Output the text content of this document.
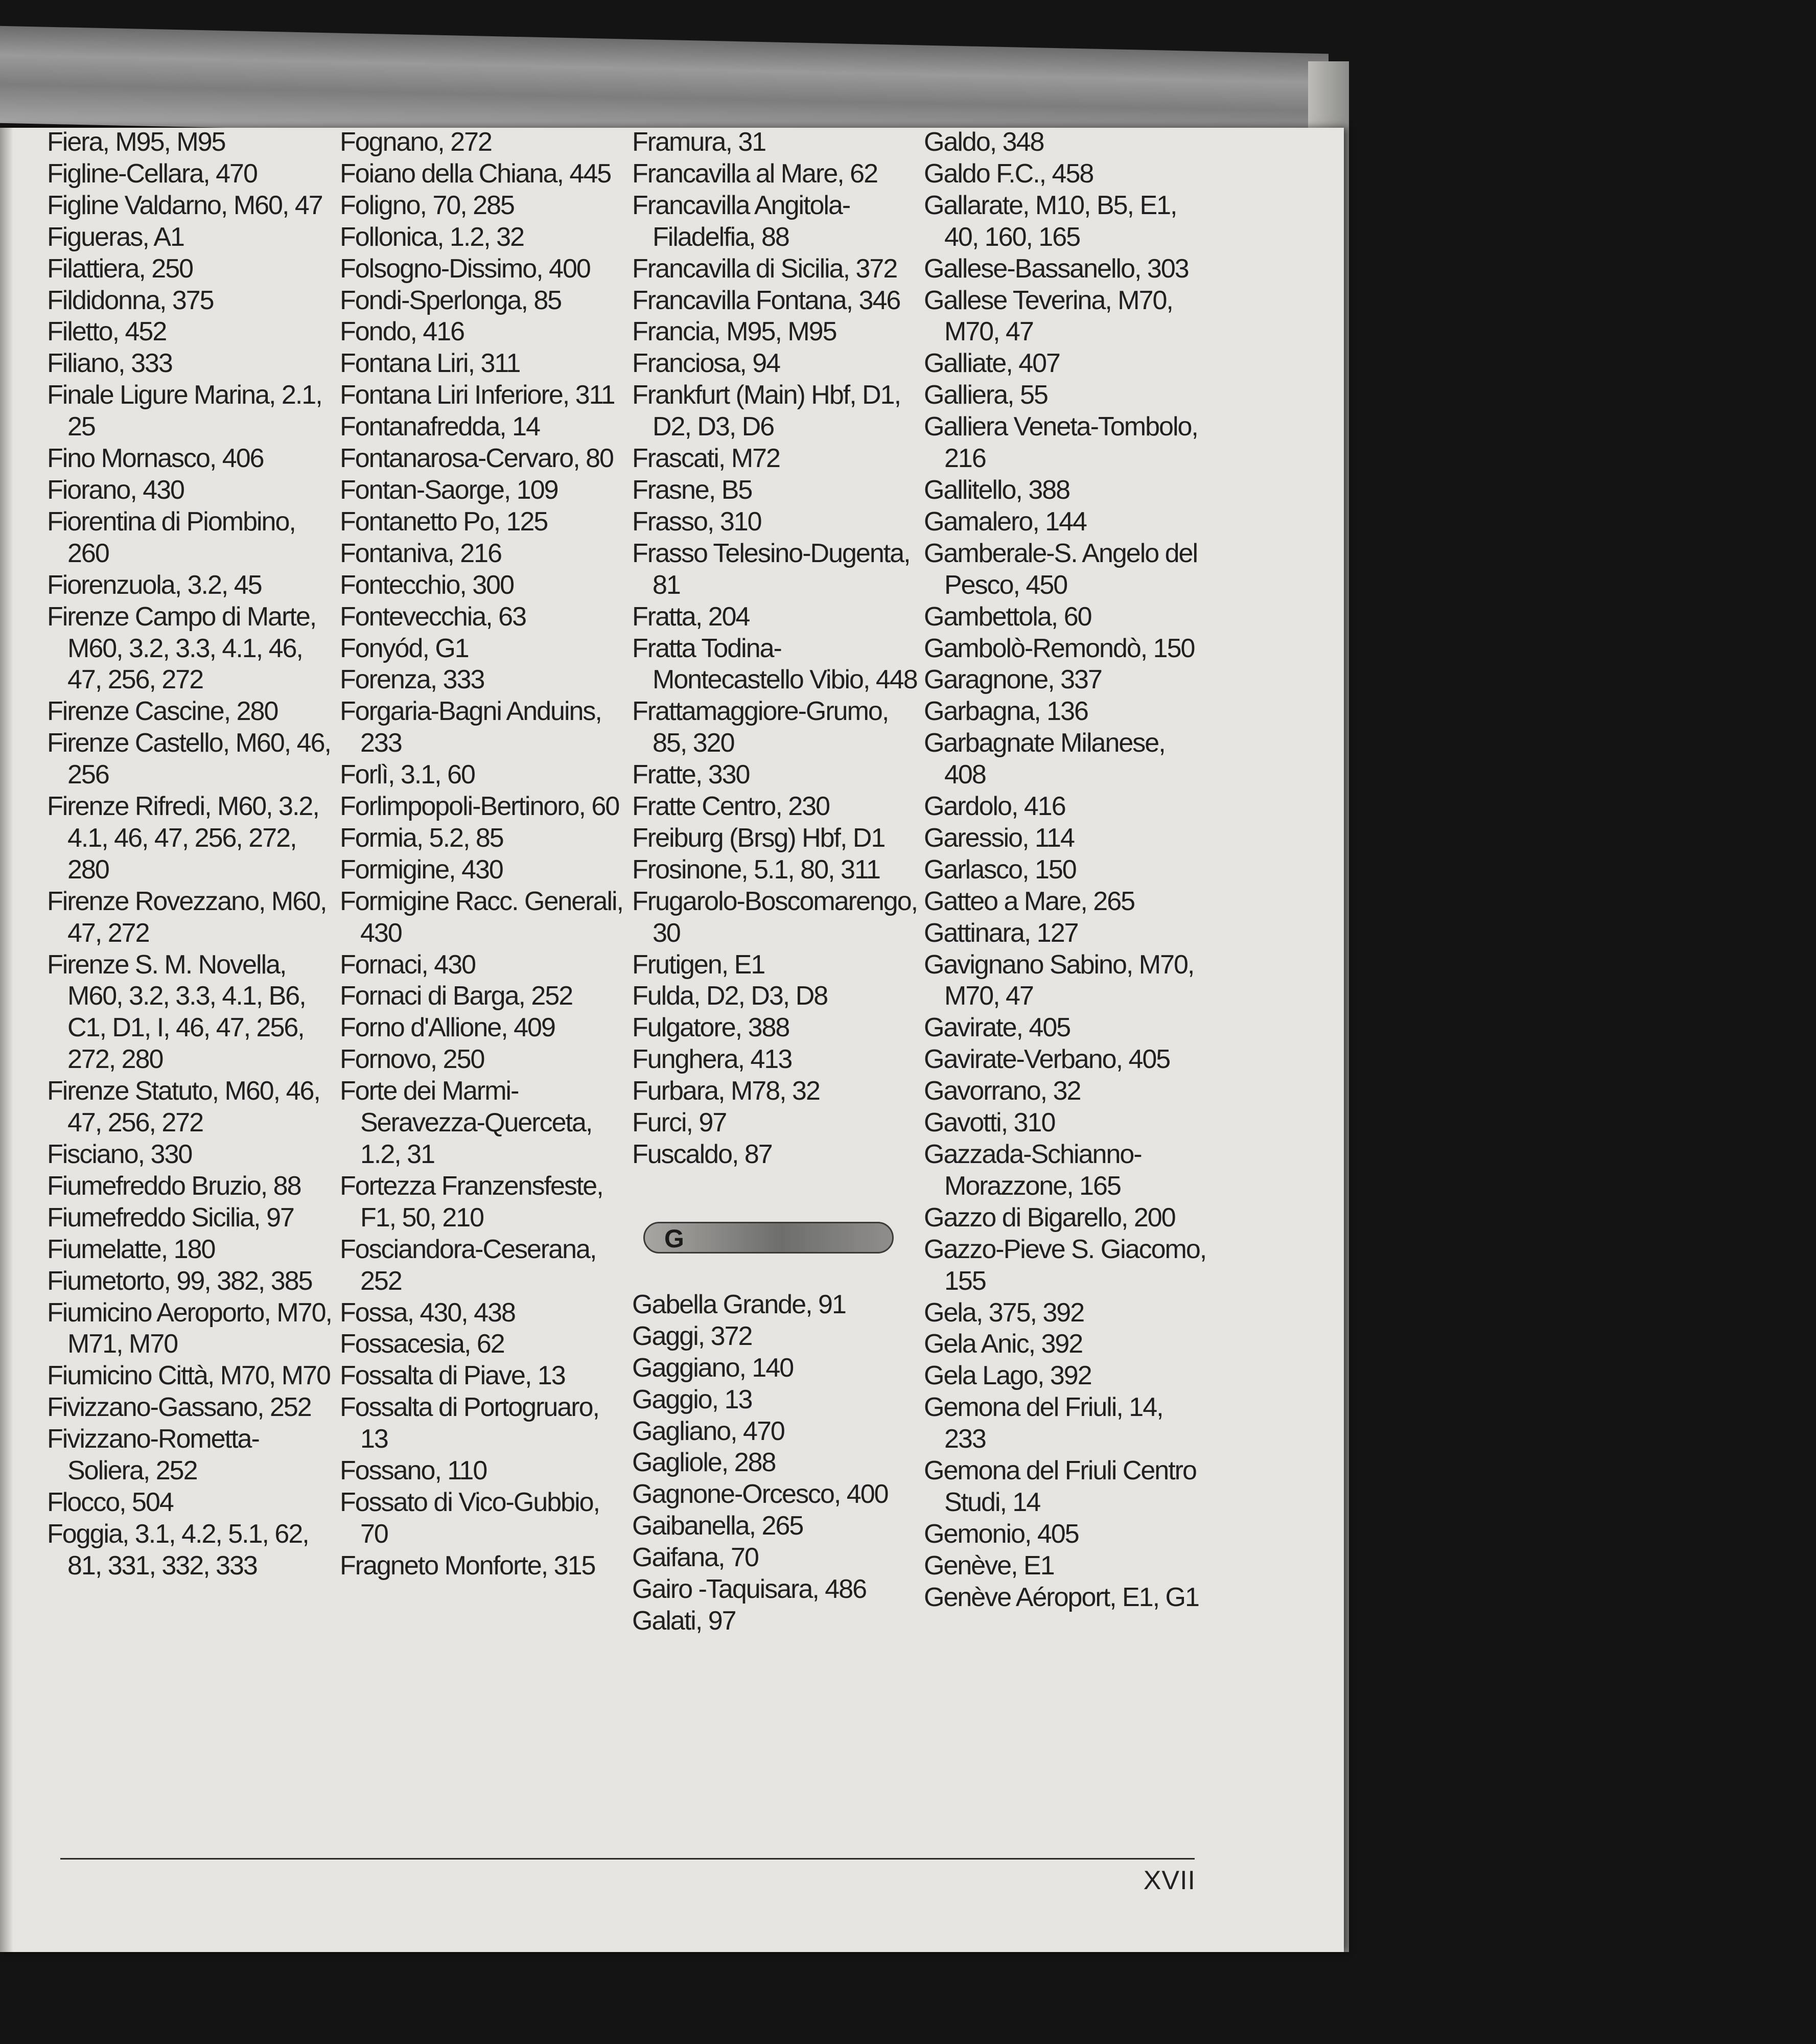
Fiera, M95, M95

Figline-Cellara, 470

Figline Valdarno, M60, 47

Figueras, A1

Filattiera, 250

Fildidonna, 375

Filetto, 452

Filiano, 333

Finale Ligure Marina, 2.1, 25

Fino Mornasco, 406

Fiorano, 430

Fiorentina di Piombino, 260

Fiorenzuola, 3.2, 45

Firenze Campo di Marte, M60, 3.2, 3.3, 4.1, 46, 47, 256, 272

Firenze Cascine, 280

Firenze Castello, M60, 46, 256

Firenze Rifredi, M60, 3.2, 4.1, 46, 47, 256, 272, 280

Firenze Rovezzano, M60, 47, 272

Firenze S. M. Novella, M60, 3.2, 3.3, 4.1, B6, C1, D1, I, 46, 47, 256, 272, 280

Firenze Statuto, M60, 46, 47, 256, 272

Fisciano, 330

Fiumefreddo Bruzio, 88

Fiumefreddo Sicilia, 97

Fiumelatte, 180

Fiumetorto, 99, 382, 385

Fiumicino Aeroporto, M70, M71, M70

Fiumicino Città, M70, M70

Fivizzano-Gassano, 252

Fivizzano-Rometta-Soliera, 252

Flocco, 504

Foggia, 3.1, 4.2, 5.1, 62, 81, 331, 332, 333

Fognano, 272

Foiano della Chiana, 445

Foligno, 70, 285

Follonica, 1.2, 32

Folsogno-Dissimo, 400

Fondi-Sperlonga, 85

Fondo, 416

Fontana Liri, 311

Fontana Liri Inferiore, 311

Fontanafredda, 14

Fontanarosa-Cervaro, 80

Fontan-Saorge, 109

Fontanetto Po, 125

Fontaniva, 216

Fontecchio, 300

Fontevecchia, 63

Fonyód, G1

Forenza, 333

Forgaria-Bagni Anduins, 233

Forlì, 3.1, 60

Forlimpopoli-Bertinoro, 60

Formia, 5.2, 85

Formigine, 430

Formigine Racc. Generali, 430

Fornaci, 430

Fornaci di Barga, 252

Forno d'Allione, 409

Fornovo, 250

Forte dei Marmi-Seravezza-Querceta, 1.2, 31

Fortezza Franzensfeste, F1, 50, 210

Fosciandora-Ceserana, 252

Fossa, 430, 438

Fossacesia, 62

Fossalta di Piave, 13

Fossalta di Portogruaro, 13

Fossano, 110

Fossato di Vico-Gubbio, 70

Fragneto Monforte, 315

Framura, 31

Francavilla al Mare, 62

Francavilla Angitola-Filadelfia, 88

Francavilla di Sicilia, 372

Francavilla Fontana, 346

Francia, M95, M95

Franciosa, 94

Frankfurt (Main) Hbf, D1, D2, D3, D6

Frascati, M72

Frasne, B5

Frasso, 310

Frasso Telesino-Dugenta, 81

Fratta, 204

Fratta Todina-Montecastello Vibio, 448

Frattamaggiore-Grumo, 85, 320

Fratte, 330

Fratte Centro, 230

Freiburg (Brsg) Hbf, D1

Frosinone, 5.1, 80, 311

Frugarolo-Boscomarengo, 30

Frutigen, E1

Fulda, D2, D3, D8

Fulgatore, 388

Funghera, 413

Furbara, M78, 32

Furci, 97

Fuscaldo, 87

G

Gabella Grande, 91

Gaggi, 372

Gaggiano, 140

Gaggio, 13

Gagliano, 470

Gagliole, 288

Gagnone-Orcesco, 400

Gaibanella, 265

Gaifana, 70

Gairo -Taquisara, 486

Galati, 97

Galdo, 348

Galdo F.C., 458

Gallarate, M10, B5, E1, 40, 160, 165

Gallese-Bassanello, 303

Gallese Teverina, M70, M70, 47

Galliate, 407

Galliera, 55

Galliera Veneta-Tombolo, 216

Gallitello, 388

Gamalero, 144

Gamberale-S. Angelo del Pesco, 450

Gambettola, 60

Gambolò-Remondò, 150

Garagnone, 337

Garbagna, 136

Garbagnate Milanese, 408

Gardolo, 416

Garessio, 114

Garlasco, 150

Gatteo a Mare, 265

Gattinara, 127

Gavignano Sabino, M70, M70, 47

Gavirate, 405

Gavirate-Verbano, 405

Gavorrano, 32

Gavotti, 310

Gazzada-Schianno-Morazzone, 165

Gazzo di Bigarello, 200

Gazzo-Pieve S. Giacomo, 155

Gela, 375, 392

Gela Anic, 392

Gela Lago, 392

Gemona del Friuli, 14, 233

Gemona del Friuli Centro Studi, 14

Gemonio, 405

Genève, E1

Genève Aéroport, E1, G1

XVII
